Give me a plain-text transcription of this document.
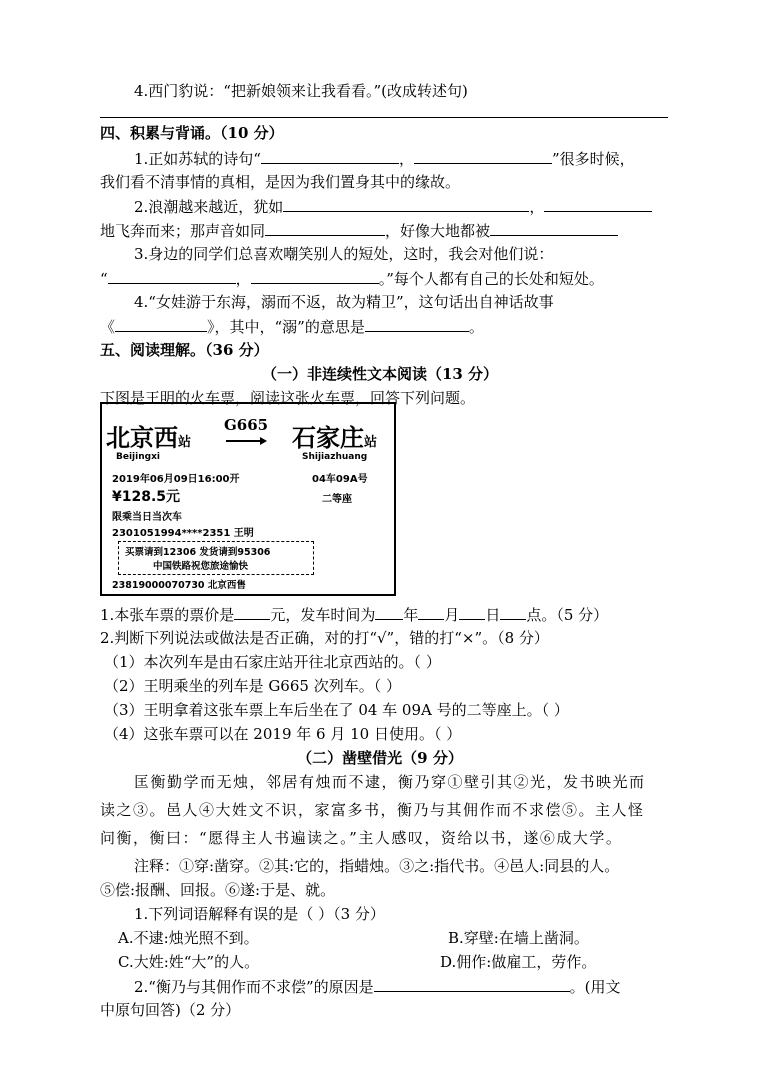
4.西门豹说：“把新娘领来让我看看。”(改成转述句)
四、积累与背诵。（10 分）
1.正如苏轼的诗句“	，	”很多时候，
我们看不清事情的真相，是因为我们置身其中的缘故。
2.浪潮越来越近，犹如	，
地飞奔而来；那声音如同	，好像大地都被
3.身边的同学们总喜欢嘲笑别人的短处，这时，我会对他们说：
“	，	。”每个人都有自己的长处和短处。
4.“女娃游于东海，溺而不返，故为精卫”，这句话出自神话故事
《	》，其中，“溺”的意思是	。
五、阅读理解。（36 分）
（一）非连续性文本阅读（13 分）
下图是王明的火车票，阅读这张火车票，回答下列问题。
北京西站
G665 石家庄站
Beijingxi	Shijiazhuang
2019年06月09日16:00开	04车09A号
¥128.5元	二等座
限乘当日当次车
2301051994****2351 王明
买票请到12306 发货请到95306
中国铁路祝您旅途愉快
23819000070730 北京西售
1.本张车票的票价是 元，发车时间为 年 月 日 点。（5 分）
2.判断下列说法或做法是否正确，对的打“√”，错的打“×”。（8 分）
（1）本次列车是由石家庄站开往北京西站的。（ ）
（2）王明乘坐的列车是 G665 次列车。（ ）
（3）王明拿着这张车票上车后坐在了 04 车 09A 号的二等座上。（ ）
（4）这张车票可以在 2019 年 6 月 10 日使用。（ ）
（二）凿壁借光（9 分）
匡衡勤学而无烛，邻居有烛而不逮，衡乃穿①壁引其②光，发书映光而
读之③。邑人④大姓文不识，家富多书，衡乃与其佣作而不求偿⑤。主人怪
问衡，衡曰：“愿得主人书遍读之。”主人感叹，资给以书，遂⑥成大学。
注释：①穿:凿穿。②其:它的，指蜡烛。③之:指代书。④邑人:同县的人。
⑤偿:报酬、回报。⑥遂:于是、就。
1.下列词语解释有误的是（ ）（3 分）
A.不逮:烛光照不到。	B.穿壁:在墙上凿洞。
C.大姓:姓“大”的人。	D.佣作:做雇工，劳作。
2.“衡乃与其佣作而不求偿”的原因是	。(用文
中原句回答)（2 分）
